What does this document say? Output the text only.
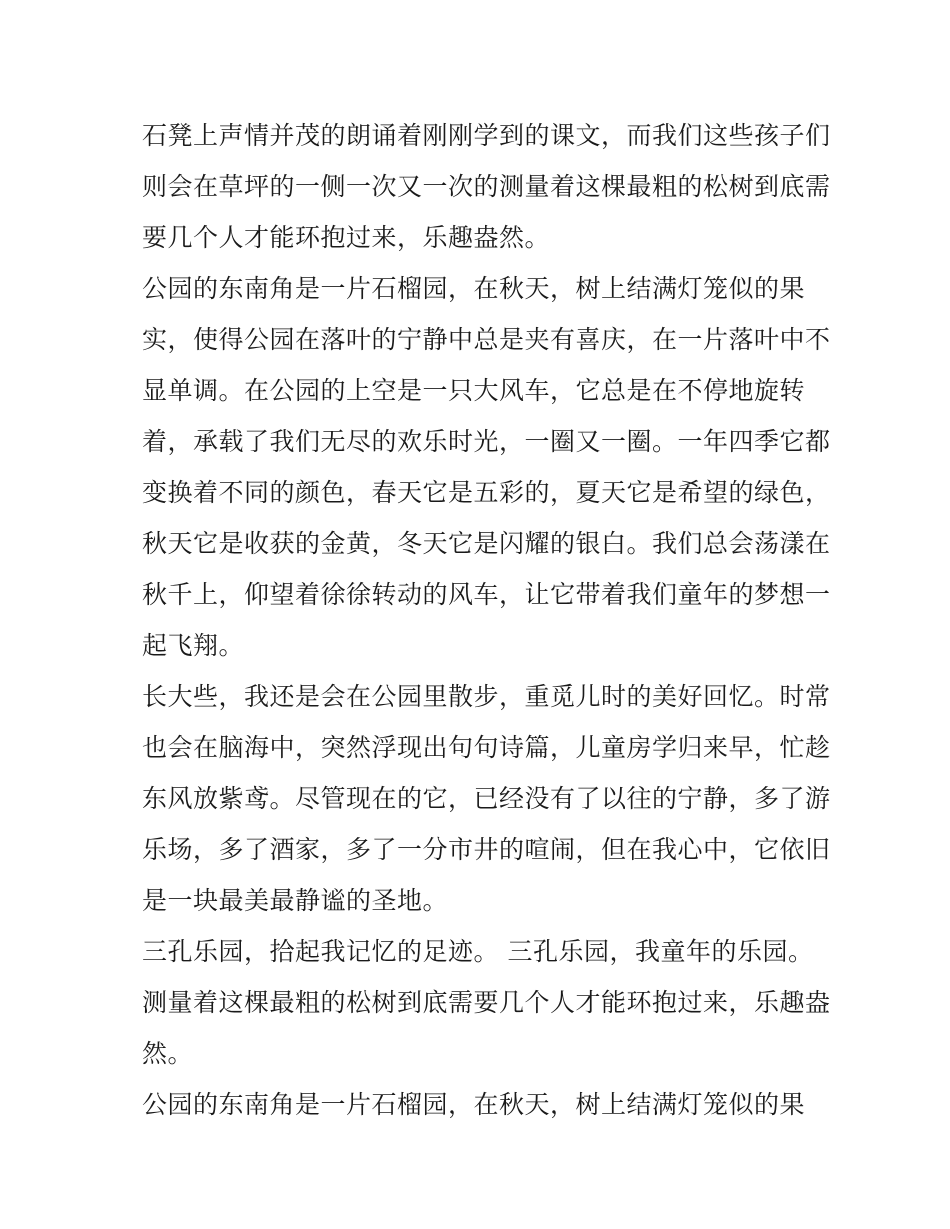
石凳上声情并茂的朗诵着刚刚学到的课文，而我们这些孩子们
则会在草坪的一侧一次又一次的测量着这棵最粗的松树到底需
要几个人才能环抱过来，乐趣盎然。
公园的东南角是一片石榴园，在秋天，树上结满灯笼似的果
实，使得公园在落叶的宁静中总是夹有喜庆，在一片落叶中不
显单调。在公园的上空是一只大风车，它总是在不停地旋转
着，承载了我们无尽的欢乐时光，一圈又一圈。一年四季它都
变换着不同的颜色，春天它是五彩的，夏天它是希望的绿色，
秋天它是收获的金黄，冬天它是闪耀的银白。我们总会荡漾在
秋千上，仰望着徐徐转动的风车，让它带着我们童年的梦想一
起飞翔。
长大些，我还是会在公园里散步，重觅儿时的美好回忆。时常
也会在脑海中，突然浮现出句句诗篇，儿童房学归来早，忙趁
东风放紫鸢。尽管现在的它，已经没有了以往的宁静，多了游
乐场，多了酒家，多了一分市井的喧闹，但在我心中，它依旧
是一块最美最静谧的圣地。
三孔乐园，拾起我记忆的足迹。 三孔乐园，我童年的乐园。
测量着这棵最粗的松树到底需要几个人才能环抱过来，乐趣盎
然。
公园的东南角是一片石榴园，在秋天，树上结满灯笼似的果
